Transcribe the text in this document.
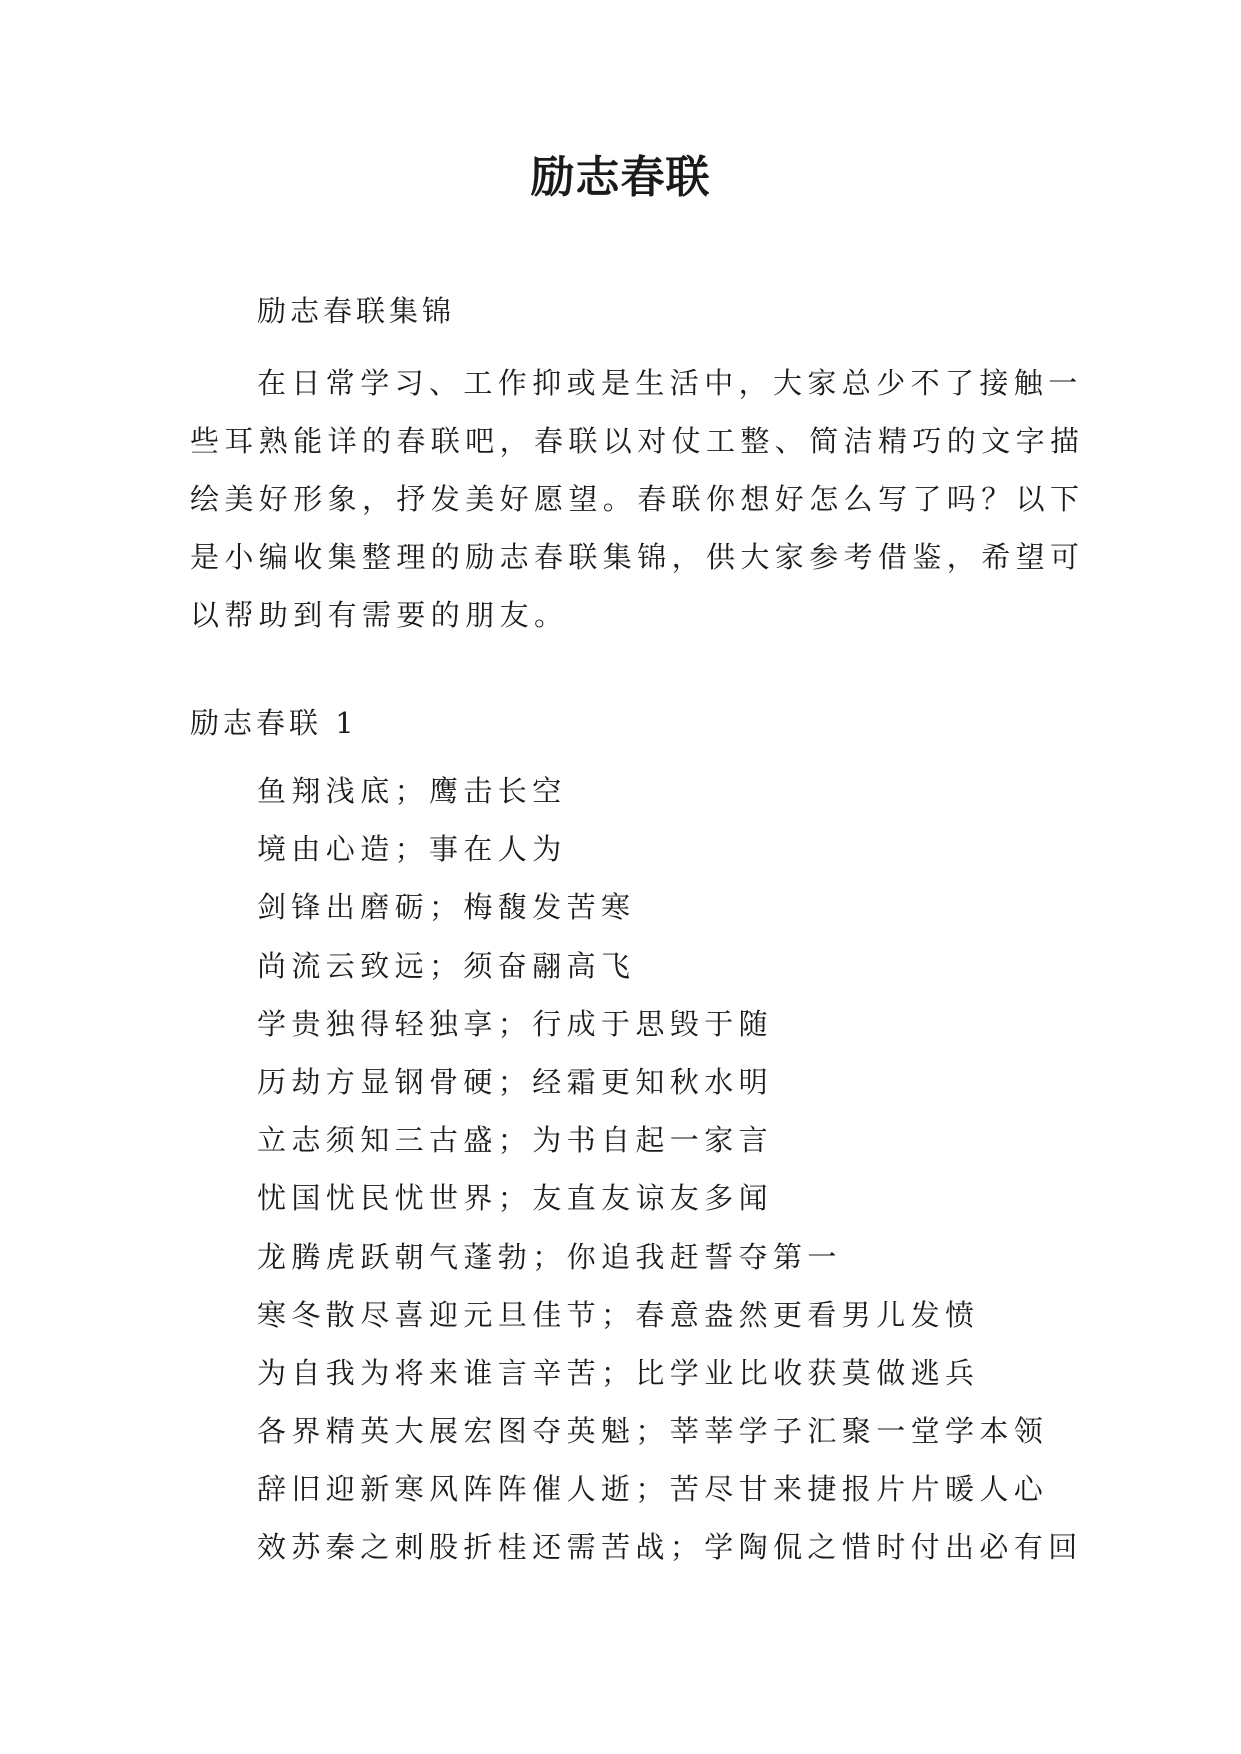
励志春联

励志春联集锦

在日常学习、工作抑或是生活中，大家总少不了接触一
些耳熟能详的春联吧，春联以对仗工整、简洁精巧的文字描
绘美好形象，抒发美好愿望。春联你想好怎么写了吗？以下
是小编收集整理的励志春联集锦，供大家参考借鉴，希望可
以帮助到有需要的朋友。

励志春联 1

鱼翔浅底；鹰击长空
境由心造；事在人为
剑锋出磨砺；梅馥发苦寒
尚流云致远；须奋翮高飞
学贵独得轻独享；行成于思毁于随
历劫方显钢骨硬；经霜更知秋水明
立志须知三古盛；为书自起一家言
忧国忧民忧世界；友直友谅友多闻
龙腾虎跃朝气蓬勃；你追我赶誓夺第一
寒冬散尽喜迎元旦佳节；春意盎然更看男儿发愤
为自我为将来谁言辛苦；比学业比收获莫做逃兵
各界精英大展宏图夺英魁；莘莘学子汇聚一堂学本领
辞旧迎新寒风阵阵催人逝；苦尽甘来捷报片片暖人心
效苏秦之刺股折桂还需苦战；学陶侃之惜时付出必有回
